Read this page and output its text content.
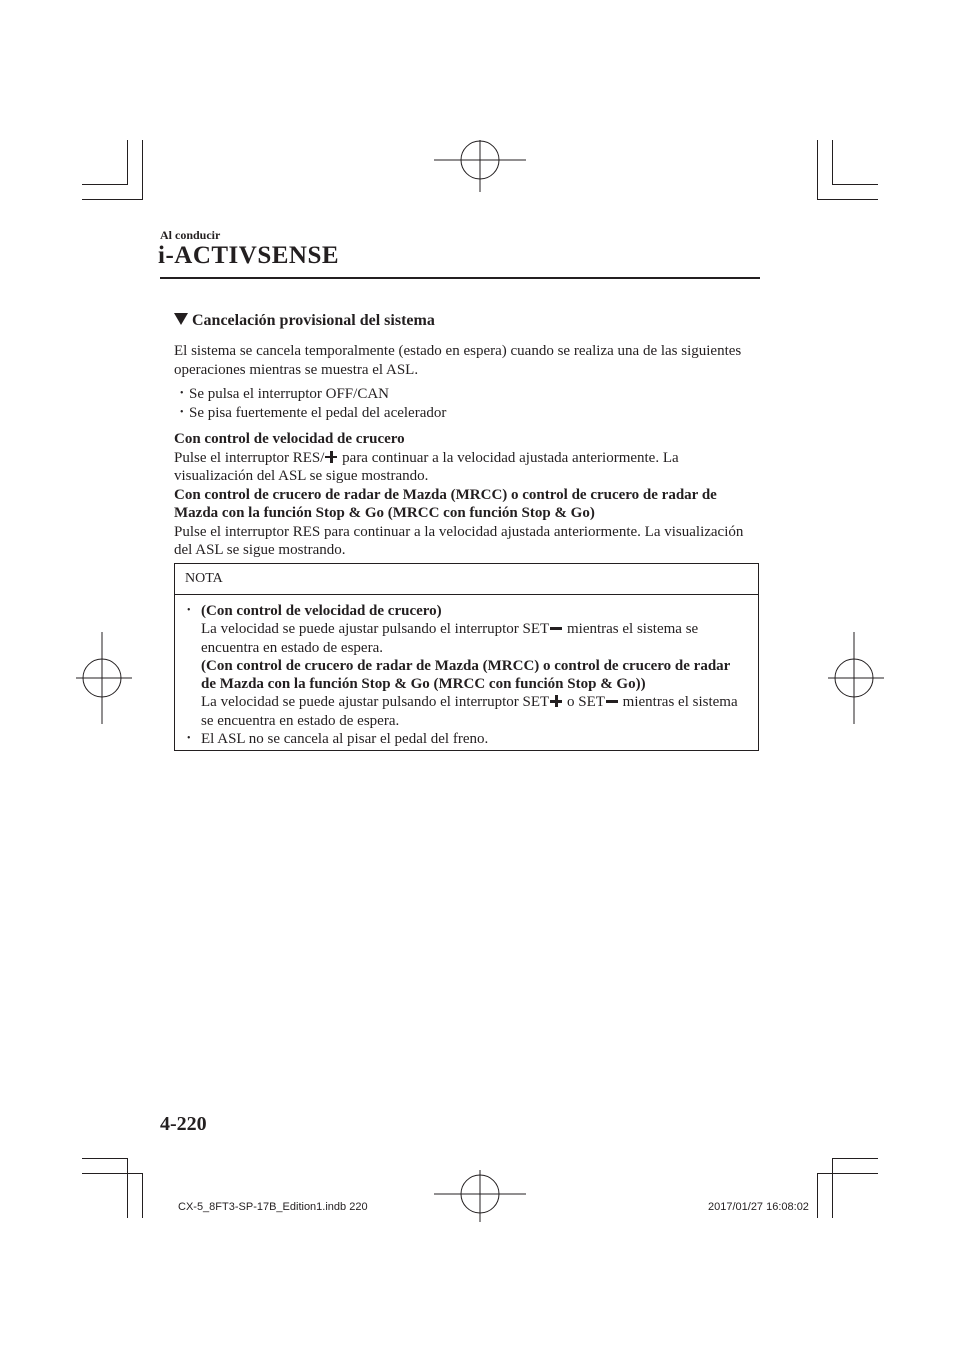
Al conducir
i-ACTIVSENSE
Cancelación provisional del sistema
El sistema se cancela temporalmente (estado en espera) cuando se realiza una de las siguientes operaciones mientras se muestra el ASL.
• Se pulsa el interruptor OFF/CAN
• Se pisa fuertemente el pedal del acelerador
Con control de velocidad de crucero
Pulse el interruptor RES/ para continuar a la velocidad ajustada anteriormente. La visualización del ASL se sigue mostrando.
Con control de crucero de radar de Mazda (MRCC) o control de crucero de radar de Mazda con la función Stop & Go (MRCC con función Stop & Go)
Pulse el interruptor RES para continuar a la velocidad ajustada anteriormente. La visualización del ASL se sigue mostrando.
NOTA
• (Con control de velocidad de crucero)
La velocidad se puede ajustar pulsando el interruptor SET mientras el sistema se encuentra en estado de espera.
(Con control de crucero de radar de Mazda (MRCC) o control de crucero de radar de Mazda con la función Stop & Go (MRCC con función Stop & Go))
La velocidad se puede ajustar pulsando el interruptor SET o SET mientras el sistema se encuentra en estado de espera.
• El ASL no se cancela al pisar el pedal del freno.
4-220
CX-5_8FT3-SP-17B_Edition1.indb 220	2017/01/27 16:08:02
